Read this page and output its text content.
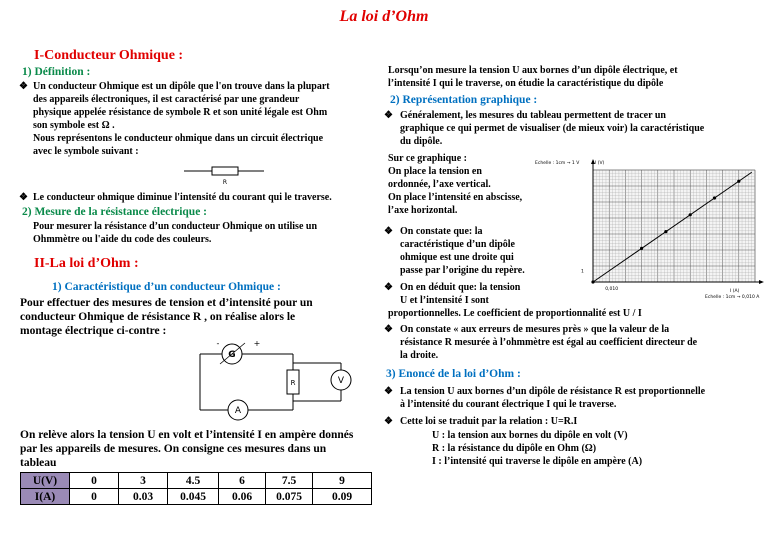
La loi d’Ohm
I-Conducteur Ohmique :
1) Définition :
❖ Un conducteur Ohmique est un dipôle que l'on trouve dans la plupart
des appareils électroniques, il est caractérisé par une grandeur
physique appelée résistance de symbole R et son unité légale est Ohm
son symbole est Ω .
Nous représentons le conducteur ohmique dans un circuit électrique
avec le symbole suivant :
R
❖ Le conducteur ohmique diminue l'intensité du courant qui le traverse.
2) Mesure de la résistance électrique :
Pour mesurer la résistance d’un conducteur Ohmique on utilise un
Ohmmètre ou l'aide du code des couleurs.
II-La loi d’Ohm :
1) Caractéristique d’un conducteur Ohmique :
Pour effectuer des mesures de tension et d’intensité pour un
conducteur Ohmique de résistance R , on réalise alors le
montage électrique ci-contre :
G
-	+
A
R	V
On relève alors la tension U en volt et l’intensité I en ampère donnés
par les appareils de mesures. On consigne ces mesures dans un
tableau
U(V)	0	3	4.5	6	7.5	9
I(A)	0	0.03	0.045	0.06	0.075	0.09
Lorsqu’on mesure la tension U aux bornes d’un dipôle électrique, et
l’intensité I qui le traverse, on étudie la caractéristique du dipôle
2) Représentation graphique :
❖ Généralement, les mesures du tableau permettent de tracer un
graphique ce qui permet de visualiser (de mieux voir) la caractéristique
du dipôle.
Sur ce graphique :
On place la tension en
ordonnée, l’axe vertical.
On place l’intensité en abscisse,
l’axe horizontal.
❖ On constate que: la
caractéristique d’un dipôle
ohmique est une droite qui
passe par l’origine du repère.
❖ On en déduit que: la tension
U et l’intensité I sont
proportionnelles. Le coefficient de proportionnalité est U / I
❖ On constate « aux erreurs de mesures près » que la valeur de la
résistance R mesurée à l’ohmmètre est égal au coefficient directeur de
la droite.
3) Enoncé de la loi d’Ohm :
❖ La tension U aux bornes d’un dipôle de résistance R est proportionnelle
à l’intensité du courant électrique I qui le traverse.
❖ Cette loi se traduit par la relation : U=R.I
U : la tension aux bornes du dipôle en volt (V)
R : la résistance du dipôle en Ohm (Ω)
I : l’intensité qui traverse le dipôle en ampère (A)
Echelle : 1cm → 1 V	U (V)
Echelle : 1cm → 0,010 A
I (A)
1
0,010
